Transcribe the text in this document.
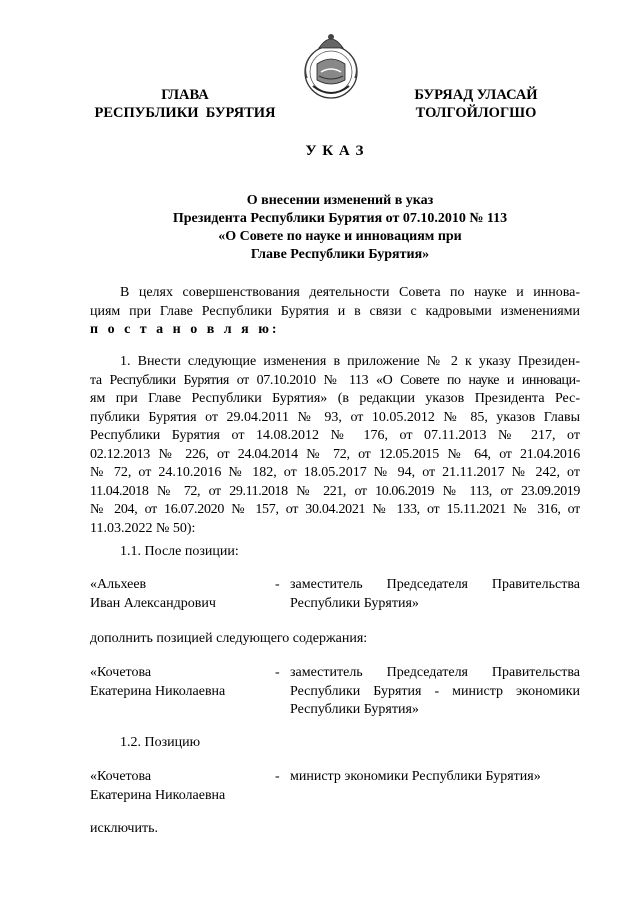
ГЛАВА
РЕСПУБЛИКИ  БУРЯТИЯ
БУРЯАД УЛАСАЙ
ТОЛГОЙЛОГШО
У К А З
О внесении изменений в указ
Президента Республики Бурятия от 07.10.2010 № 113
«О Совете по науке и инновациям при
Главе Республики Бурятия»
В целях совершенствования деятельности Совета по науке и иннова-
циям при Главе Республики Бурятия и в связи с кадровыми изменениями
п о с т а н о в л я ю:
1. Внести следующие изменения в приложение № 2 к указу Президен-
та Республики Бурятия от 07.10.2010 № 113 «О Совете по науке и инноваци-
ям при Главе Республики Бурятия» (в редакции указов Президента Рес-
публики Бурятия от 29.04.2011 № 93, от 10.05.2012 № 85, указов Главы
Республики Бурятия от 14.08.2012 № 176, от 07.11.2013 № 217, от
02.12.2013 № 226, от 24.04.2014 № 72, от 12.05.2015 № 64, от 21.04.2016
№ 72, от 24.10.2016 № 182, от 18.05.2017 № 94, от 21.11.2017 № 242, от
11.04.2018 № 72, от 29.11.2018 № 221, от 10.06.2019 № 113, от 23.09.2019
№ 204, от 16.07.2020 № 157, от 30.04.2021 № 133, от 15.11.2021 № 316, от
11.03.2022 № 50):
1.1. После позиции:
«Альхеев
Иван Александрович
- заместитель Председателя Правительства
Республики Бурятия»
дополнить позицией следующего содержания:
«Кочетова
Екатерина Николаевна
- заместитель Председателя Правительства
Республики Бурятия - министр экономики
Республики Бурятия»
1.2. Позицию
«Кочетова
Екатерина Николаевна
- министр экономики Республики Бурятия»
исключить.
